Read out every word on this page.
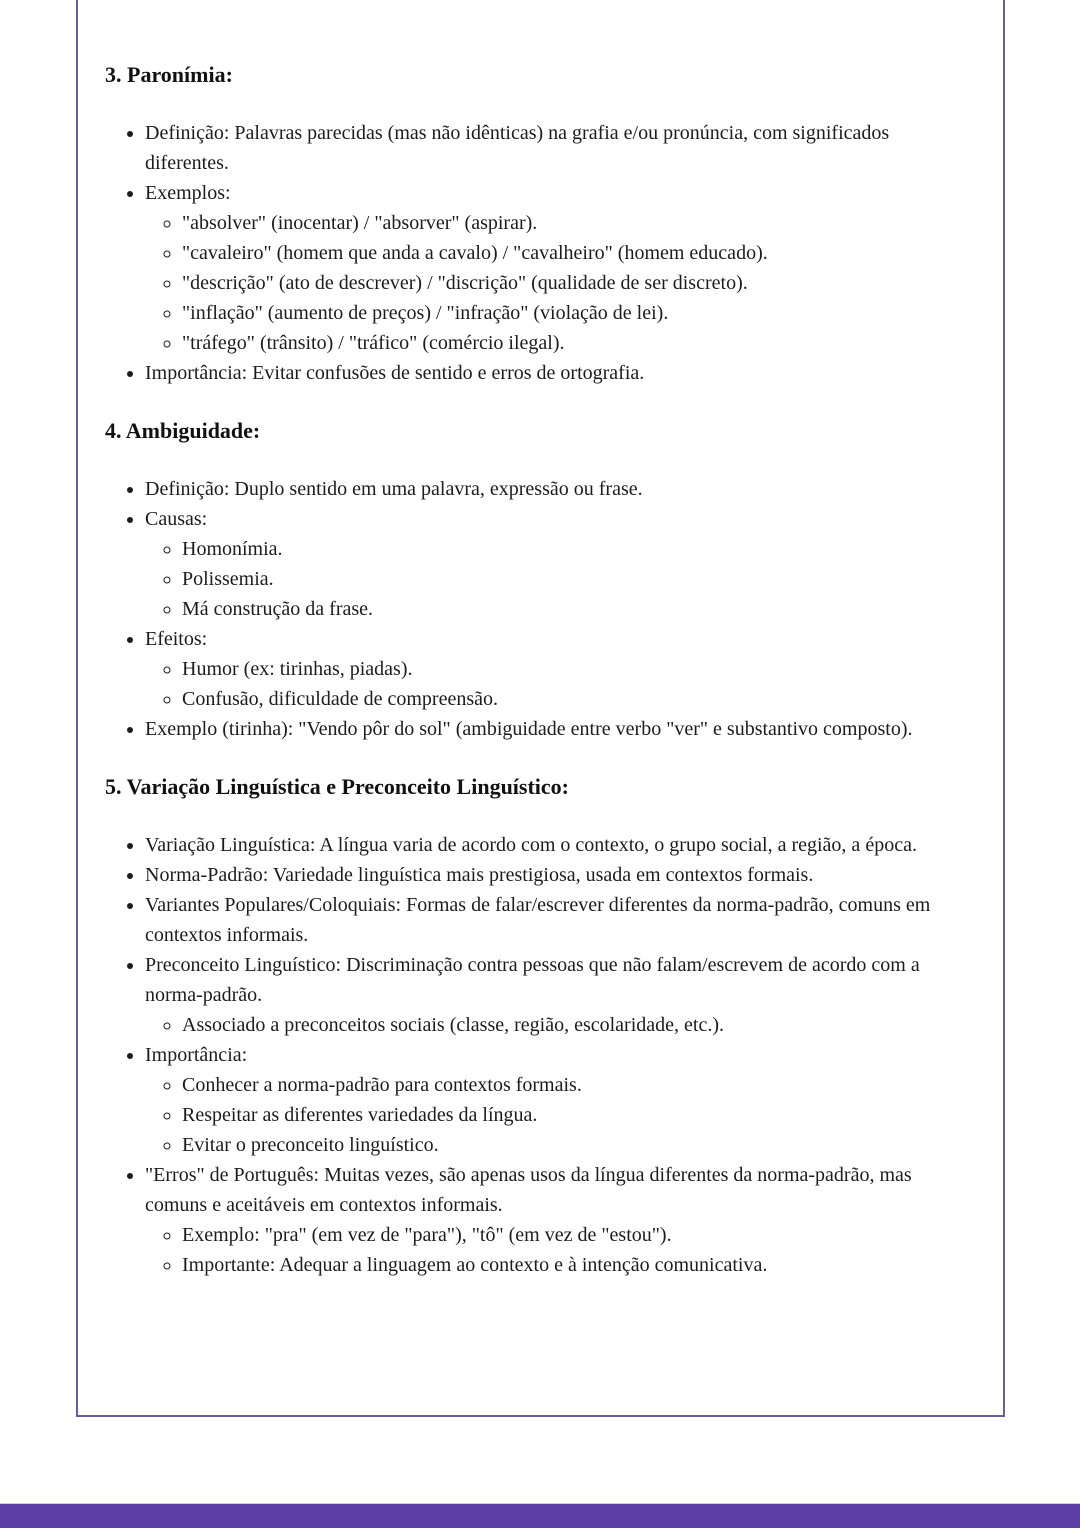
3. Paronímia:

• Definição: Palavras parecidas (mas não idênticas) na grafia e/ou pronúncia, com significados diferentes.
• Exemplos:
◦ "absolver" (inocentar) / "absorver" (aspirar).
◦ "cavaleiro" (homem que anda a cavalo) / "cavalheiro" (homem educado).
◦ "descrição" (ato de descrever) / "discrição" (qualidade de ser discreto).
◦ "inflação" (aumento de preços) / "infração" (violação de lei).
◦ "tráfego" (trânsito) / "tráfico" (comércio ilegal).
• Importância: Evitar confusões de sentido e erros de ortografia.

4. Ambiguidade:

• Definição: Duplo sentido em uma palavra, expressão ou frase.
• Causas:
◦ Homonímia.
◦ Polissemia.
◦ Má construção da frase.
• Efeitos:
◦ Humor (ex: tirinhas, piadas).
◦ Confusão, dificuldade de compreensão.
• Exemplo (tirinha): "Vendo pôr do sol" (ambiguidade entre verbo "ver" e substantivo composto).

5. Variação Linguística e Preconceito Linguístico:

• Variação Linguística: A língua varia de acordo com o contexto, o grupo social, a região, a época.
• Norma-Padrão: Variedade linguística mais prestigiosa, usada em contextos formais.
• Variantes Populares/Coloquiais: Formas de falar/escrever diferentes da norma-padrão, comuns em contextos informais.
• Preconceito Linguístico: Discriminação contra pessoas que não falam/escrevem de acordo com a norma-padrão.
◦ Associado a preconceitos sociais (classe, região, escolaridade, etc.).
• Importância:
◦ Conhecer a norma-padrão para contextos formais.
◦ Respeitar as diferentes variedades da língua.
◦ Evitar o preconceito linguístico.
• "Erros" de Português: Muitas vezes, são apenas usos da língua diferentes da norma-padrão, mas comuns e aceitáveis em contextos informais.
◦ Exemplo: "pra" (em vez de "para"), "tô" (em vez de "estou").
◦ Importante: Adequar a linguagem ao contexto e à intenção comunicativa.
